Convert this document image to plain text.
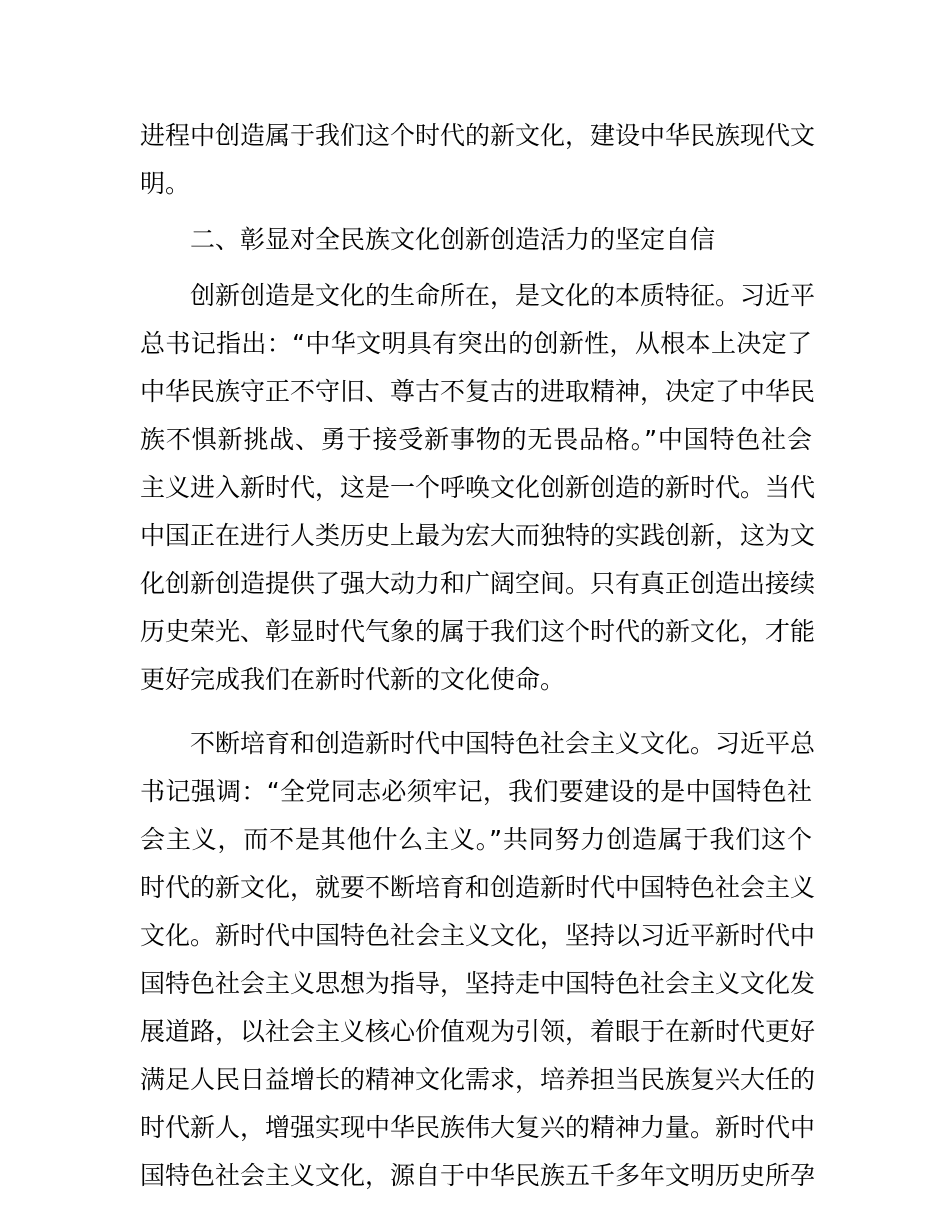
进程中创造属于我们这个时代的新文化，建设中华民族现代文
明。
二、彰显对全民族文化创新创造活力的坚定自信
创新创造是文化的生命所在，是文化的本质特征。习近平
总书记指出：“中华文明具有突出的创新性，从根本上决定了
中华民族守正不守旧、尊古不复古的进取精神，决定了中华民
族不惧新挑战、勇于接受新事物的无畏品格。”中国特色社会
主义进入新时代，这是一个呼唤文化创新创造的新时代。当代
中国正在进行人类历史上最为宏大而独特的实践创新，这为文
化创新创造提供了强大动力和广阔空间。只有真正创造出接续
历史荣光、彰显时代气象的属于我们这个时代的新文化，才能
更好完成我们在新时代新的文化使命。
不断培育和创造新时代中国特色社会主义文化。习近平总
书记强调：“全党同志必须牢记，我们要建设的是中国特色社
会主义，而不是其他什么主义。”共同努力创造属于我们这个
时代的新文化，就要不断培育和创造新时代中国特色社会主义
文化。新时代中国特色社会主义文化，坚持以习近平新时代中
国特色社会主义思想为指导，坚持走中国特色社会主义文化发
展道路，以社会主义核心价值观为引领，着眼于在新时代更好
满足人民日益增长的精神文化需求，培养担当民族复兴大任的
时代新人，增强实现中华民族伟大复兴的精神力量。新时代中
国特色社会主义文化，源自于中华民族五千多年文明历史所孕
